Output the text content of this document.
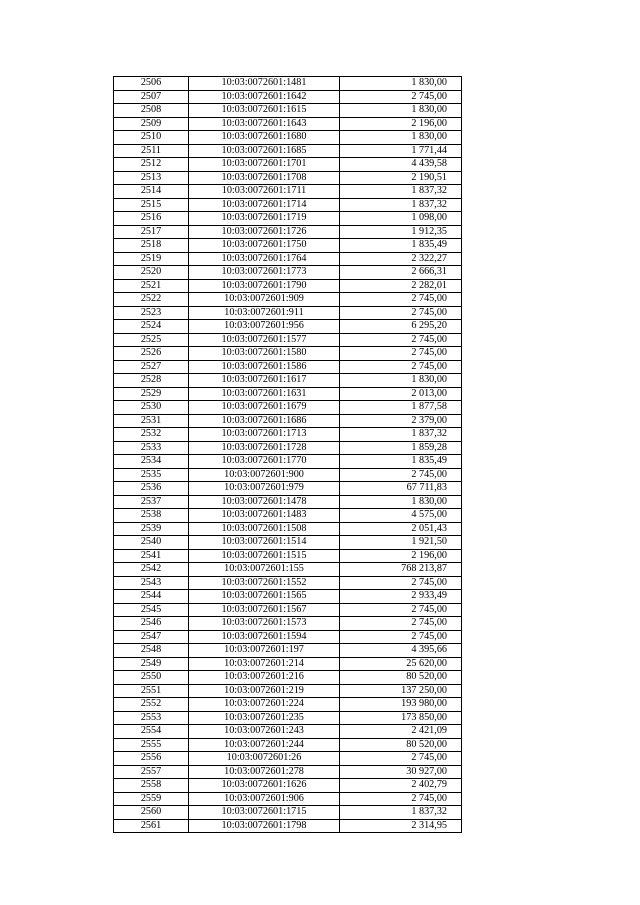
2506	10:03:0072601:1481	1 830,00
2507	10:03:0072601:1642	2 745,00
2508	10:03:0072601:1615	1 830,00
2509	10:03:0072601:1643	2 196,00
2510	10:03:0072601:1680	1 830,00
2511	10:03:0072601:1685	1 771,44
2512	10:03:0072601:1701	4 439,58
2513	10:03:0072601:1708	2 190,51
2514	10:03:0072601:1711	1 837,32
2515	10:03:0072601:1714	1 837,32
2516	10:03:0072601:1719	1 098,00
2517	10:03:0072601:1726	1 912,35
2518	10:03:0072601:1750	1 835,49
2519	10:03:0072601:1764	2 322,27
2520	10:03:0072601:1773	2 666,31
2521	10:03:0072601:1790	2 282,01
2522	10:03:0072601:909	2 745,00
2523	10:03:0072601:911	2 745,00
2524	10:03:0072601:956	6 295,20
2525	10:03:0072601:1577	2 745,00
2526	10:03:0072601:1580	2 745,00
2527	10:03:0072601:1586	2 745,00
2528	10:03:0072601:1617	1 830,00
2529	10:03:0072601:1631	2 013,00
2530	10:03:0072601:1679	1 877,58
2531	10:03:0072601:1686	2 379,00
2532	10:03:0072601:1713	1 837,32
2533	10:03:0072601:1728	1 859,28
2534	10:03:0072601:1770	1 835,49
2535	10:03:0072601:900	2 745,00
2536	10:03:0072601:979	67 711,83
2537	10:03:0072601:1478	1 830,00
2538	10:03:0072601:1483	4 575,00
2539	10:03:0072601:1508	2 051,43
2540	10:03:0072601:1514	1 921,50
2541	10:03:0072601:1515	2 196,00
2542	10:03:0072601:155	768 213,87
2543	10:03:0072601:1552	2 745,00
2544	10:03:0072601:1565	2 933,49
2545	10:03:0072601:1567	2 745,00
2546	10:03:0072601:1573	2 745,00
2547	10:03:0072601:1594	2 745,00
2548	10:03:0072601:197	4 395,66
2549	10:03:0072601:214	25 620,00
2550	10:03:0072601:216	80 520,00
2551	10:03:0072601:219	137 250,00
2552	10:03:0072601:224	193 980,00
2553	10:03:0072601:235	173 850,00
2554	10:03:0072601:243	2 421,09
2555	10:03:0072601:244	80 520,00
2556	10:03:0072601:26	2 745,00
2557	10:03:0072601:278	30 927,00
2558	10:03:0072601:1626	2 402,79
2559	10:03:0072601:906	2 745,00
2560	10:03:0072601:1715	1 837,32
2561	10:03:0072601:1798	2 314,95
